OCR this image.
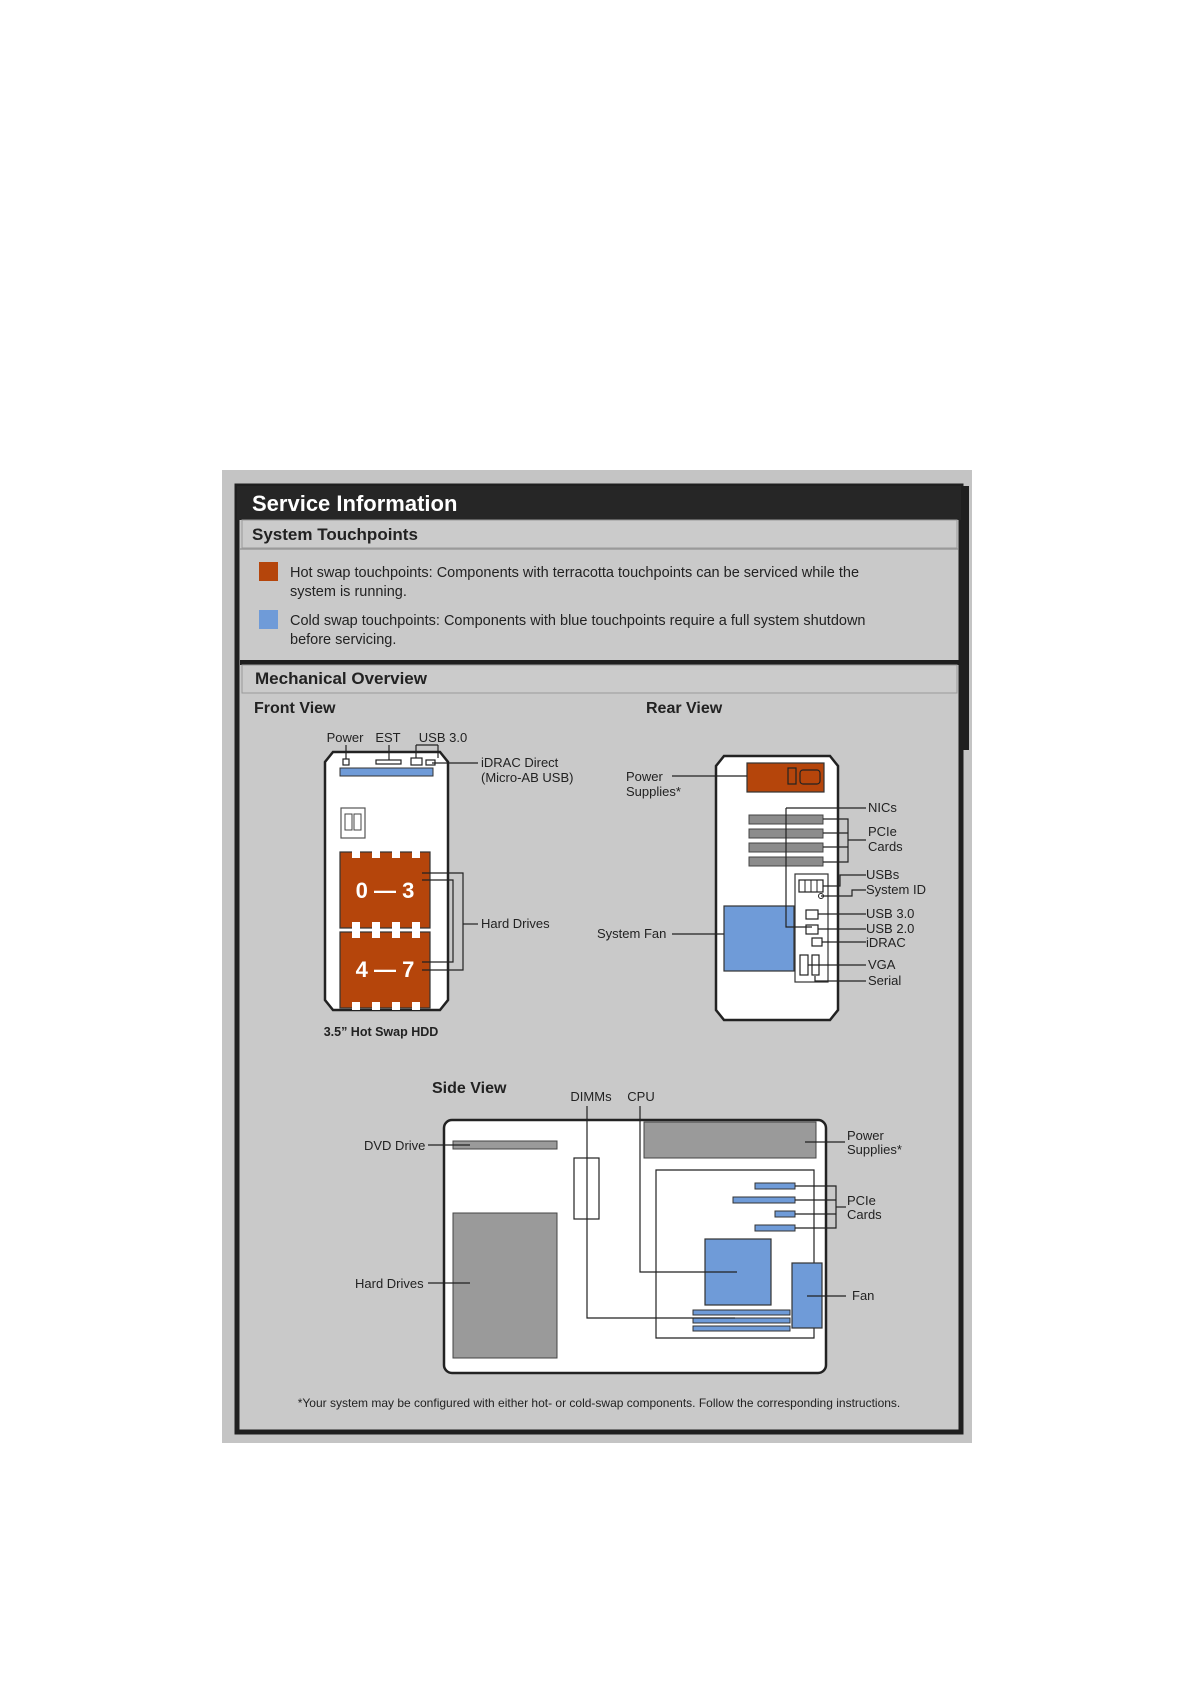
Service Information
System Touchpoints
Hot swap touchpoints: Components with terracotta touchpoints can be serviced while the
system is running.
Cold swap touchpoints: Components with blue touchpoints require a full system shutdown
before servicing.
Mechanical Overview
Front View
0 — 3
4 — 7
Power EST USB 3.0
iDRAC Direct
(Micro-AB USB)
Hard Drives
3.5” Hot Swap HDD
Rear View
Power
Supplies*
System Fan
NICs
PCIe
Cards
USBs
System ID
USB 3.0
USB 2.0
iDRAC
VGA
Serial
Side View	DIMMs CPU
DVD Drive
Hard Drives
Power
Supplies*
PCIe
Cards
Fan
*Your system may be configured with either hot- or cold-swap components. Follow the corresponding instructions.
